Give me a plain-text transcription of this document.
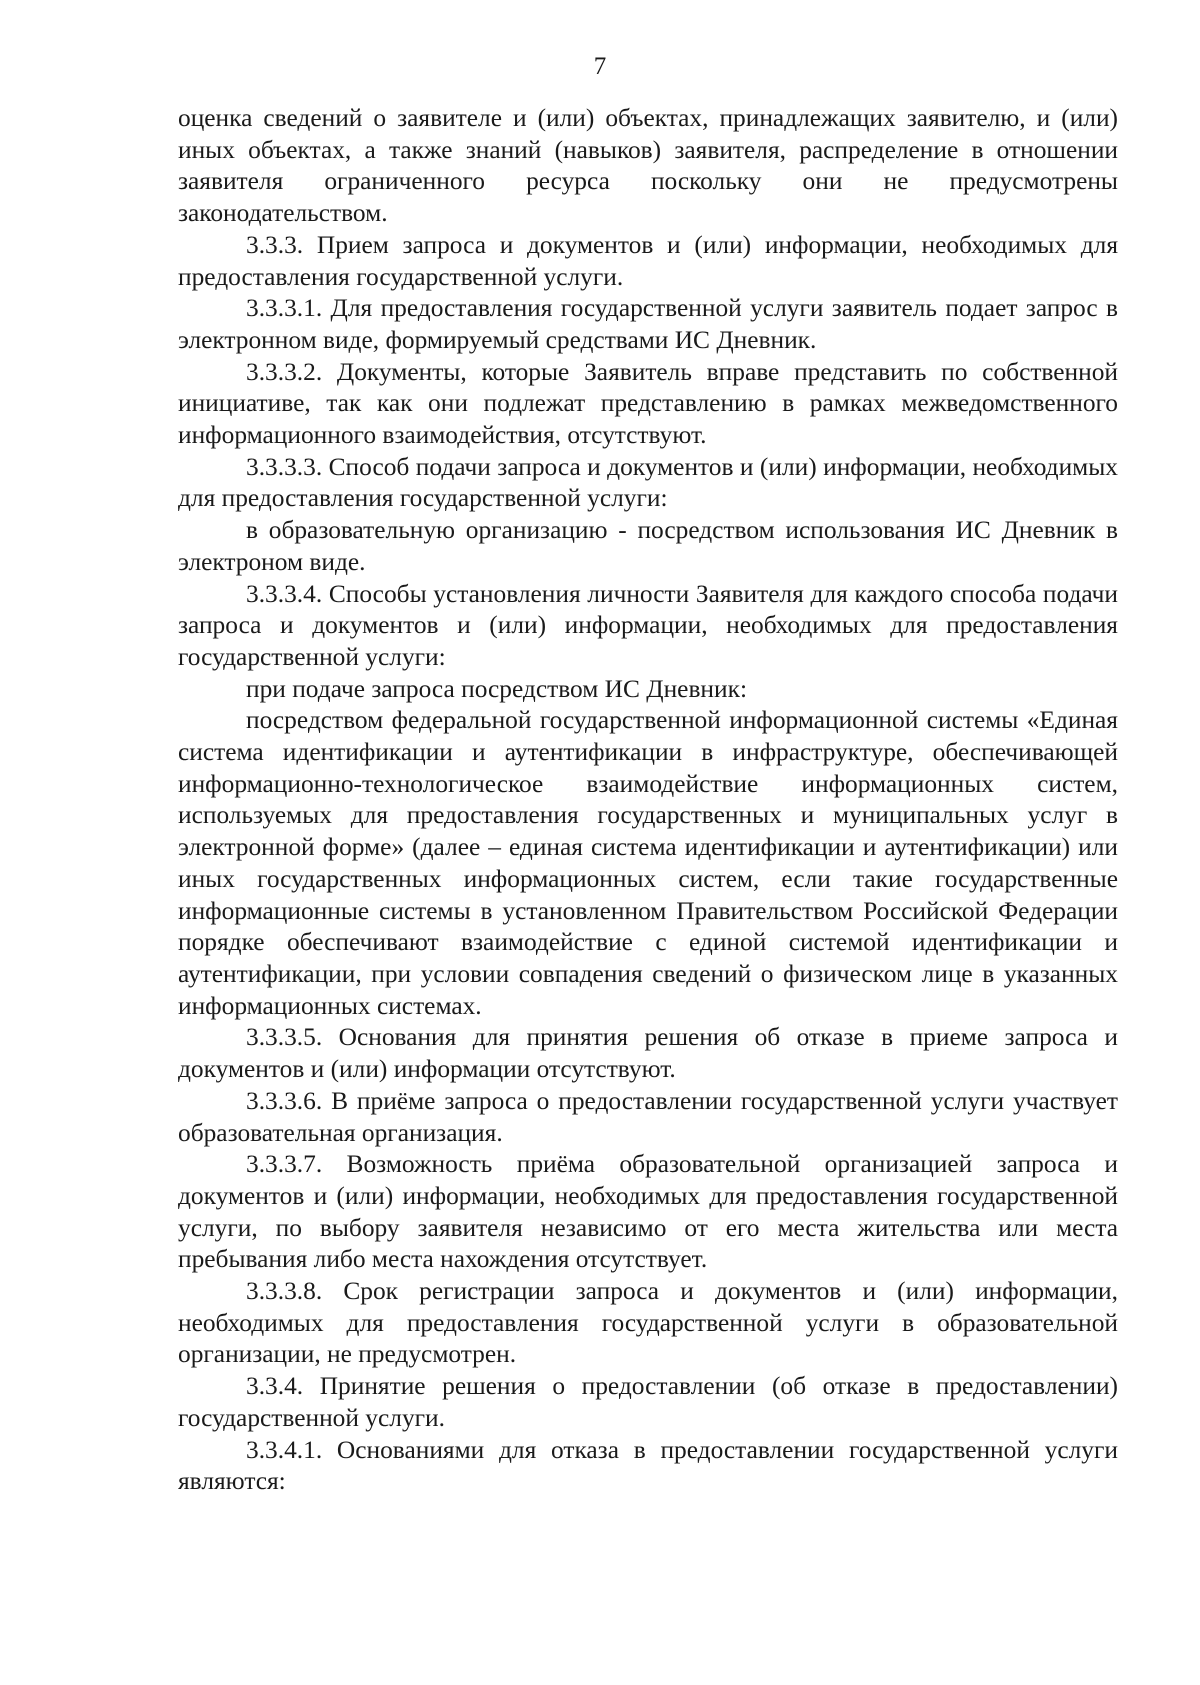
7

оценка сведений о заявителе и (или) объектах, принадлежащих заявителю, и (или) иных объектах, а также знаний (навыков) заявителя, распределение в отношении заявителя ограниченного ресурса поскольку они не предусмотрены законодательством.

3.3.3. Прием запроса и документов и (или) информации, необходимых для предоставления государственной услуги.

3.3.3.1. Для предоставления государственной услуги заявитель подает запрос в электронном виде, формируемый средствами ИС Дневник.

3.3.3.2. Документы, которые Заявитель вправе представить по собственной инициативе, так как они подлежат представлению в рамках межведомственного информационного взаимодействия, отсутствуют.

3.3.3.3. Способ подачи запроса и документов и (или) информации, необходимых для предоставления государственной услуги:

в образовательную организацию - посредством использования ИС Дневник в электроном виде.

3.3.3.4. Способы установления личности Заявителя для каждого способа подачи запроса и документов и (или) информации, необходимых для предоставления государственной услуги:

при подаче запроса посредством ИС Дневник:

посредством федеральной государственной информационной системы «Единая система идентификации и аутентификации в инфраструктуре, обеспечивающей информационно-технологическое взаимодействие информационных систем, используемых для предоставления государственных и муниципальных услуг в электронной форме» (далее – единая система идентификации и аутентификации) или иных государственных информационных систем, если такие государственные информационные системы в установленном Правительством Российской Федерации порядке обеспечивают взаимодействие с единой системой идентификации и аутентификации, при условии совпадения сведений о физическом лице в указанных информационных системах.

3.3.3.5. Основания для принятия решения об отказе в приеме запроса и документов и (или) информации отсутствуют.

3.3.3.6. В приёме запроса о предоставлении государственной услуги участвует образовательная организация.

3.3.3.7. Возможность приёма образовательной организацией запроса и документов и (или) информации, необходимых для предоставления государственной услуги, по выбору заявителя независимо от его места жительства или места пребывания либо места нахождения отсутствует.

3.3.3.8. Срок регистрации запроса и документов и (или) информации, необходимых для предоставления государственной услуги в образовательной организации, не предусмотрен.

3.3.4. Принятие решения о предоставлении (об отказе в предоставлении) государственной услуги.

3.3.4.1. Основаниями для отказа в предоставлении государственной услуги являются:
